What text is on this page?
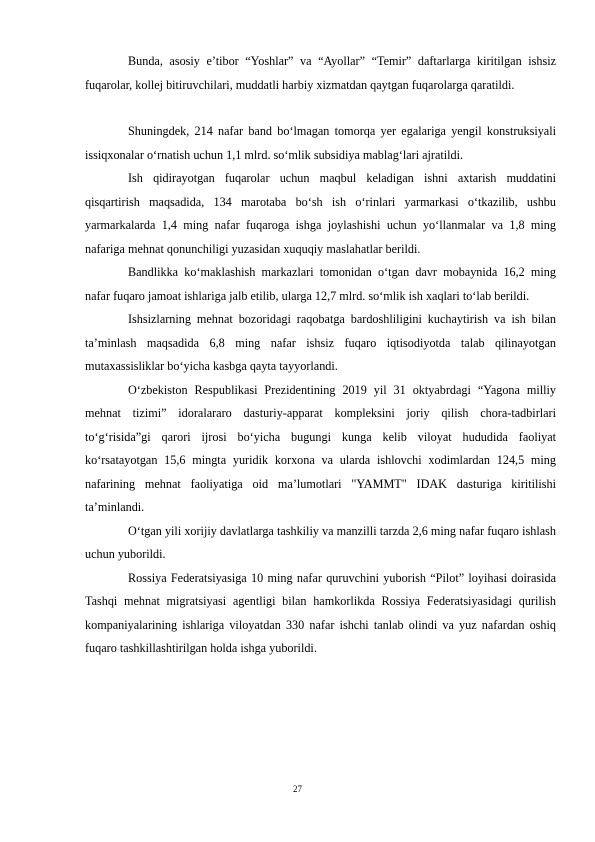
Bunda, asosiy e’tibor “Yoshlar” va “Ayollar” “Temir” daftarlarga kiritilgan ishsiz fuqarolar, kollej bitiruvchilari, muddatli harbiy xizmatdan qaytgan fuqarolarga qaratildi.

Shuningdek, 214 nafar band bo‘lmagan tomorqa yer egalariga yengil konstruksiyali issiqxonalar o‘rnatish uchun 1,1 mlrd. so‘mlik subsidiya mablag‘lari ajratildi.

Ish qidirayotgan fuqarolar uchun maqbul keladigan ishni axtarish muddatini qisqartirish maqsadida, 134 marotaba bo‘sh ish o‘rinlari yarmarkasi o‘tkazilib, ushbu yarmarkalarda 1,4 ming nafar fuqaroga ishga joylashishi uchun yo‘llanmalar va 1,8 ming nafariga mehnat qonunchiligi yuzasidan xuquqiy maslahatlar berildi.

Bandlikka ko‘maklashish markazlari tomonidan o‘tgan davr mobaynida 16,2 ming nafar fuqaro jamoat ishlariga jalb etilib, ularga 12,7 mlrd. so‘mlik ish xaqlari to‘lab berildi.

Ishsizlarning mehnat bozoridagi raqobatga bardoshliligini kuchaytirish va ish bilan ta’minlash maqsadida 6,8 ming nafar ishsiz fuqaro iqtisodiyotda talab qilinayotgan mutaxassisliklar bo‘yicha kasbga qayta tayyorlandi.

O‘zbekiston Respublikasi Prezidentining 2019 yil 31 oktyabrdagi “Yagona milliy mehnat tizimi” idoralararo dasturiy-apparat kompleksini joriy qilish chora-tadbirlari to‘g‘risida”gi qarori ijrosi bo‘yicha bugungi kunga kelib viloyat hududida faoliyat ko‘rsatayotgan 15,6 mingta yuridik korxona va ularda ishlovchi xodimlardan 124,5 ming nafarining mehnat faoliyatiga oid ma’lumotlari "YAMMT" IDAK dasturiga kiritilishi ta’minlandi.

O‘tgan yili xorijiy davlatlarga tashkiliy va manzilli tarzda 2,6 ming nafar fuqaro ishlash uchun yuborildi.

Rossiya Federatsiyasiga 10 ming nafar quruvchini yuborish “Pilot” loyihasi doirasida Tashqi mehnat migratsiyasi agentligi bilan hamkorlikda Rossiya Federatsiyasidagi qurilish kompaniyalarining ishlariga viloyatdan 330 nafar ishchi tanlab olindi va yuz nafardan oshiq fuqaro tashkillashtirilgan holda ishga yuborildi.

27
